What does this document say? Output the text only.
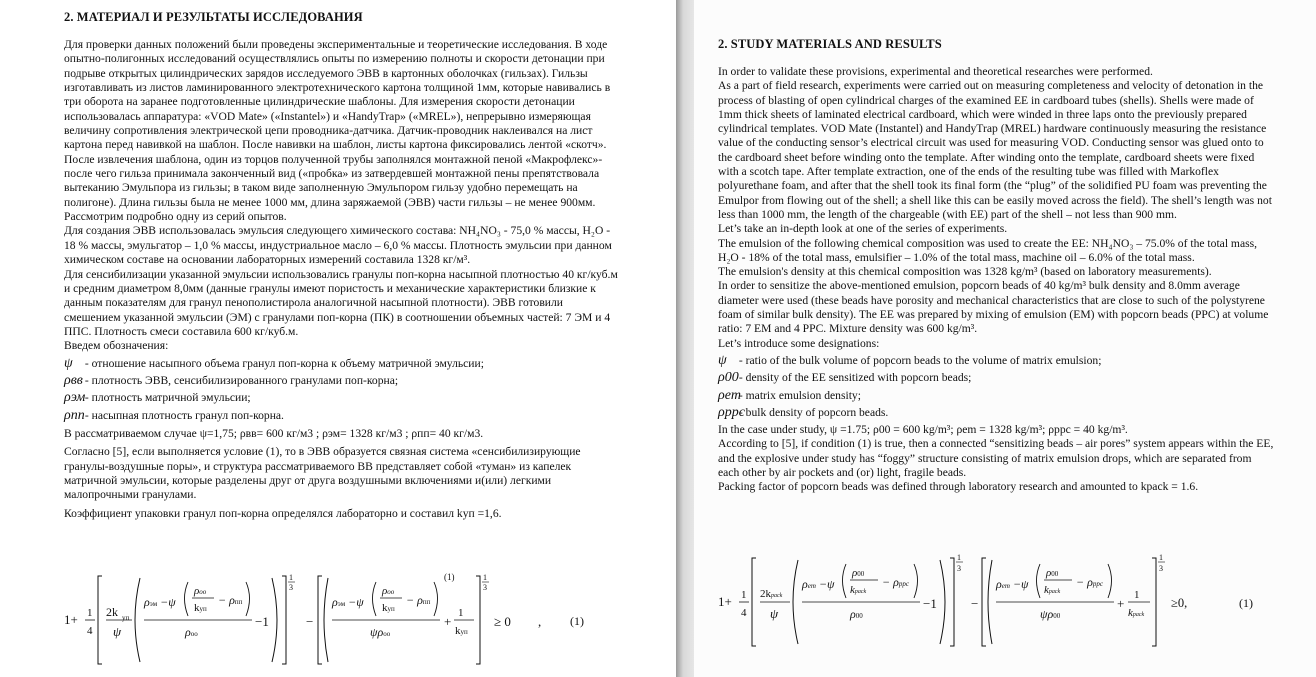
2. МАТЕРИАЛ И РЕЗУЛЬТАТЫ ИССЛЕДОВАНИЯ

Для проверки данных положений были проведены экспериментальные и теоретические исследования. В ходе опытно-полигонных исследований осуществлялись опыты по измерению полноты и скорости детонации при подрыве открытых цилиндрических зарядов исследуемого ЭВВ в картонных оболочках (гильзах). Гильзы изготавливать из листов ламинированного электротехнического картона толщиной 1мм, которые навивались в три оборота на заранее подготовленные цилиндрические шаблоны. Для измерения скорости детонации использовалась аппаратура: «VOD Mate» («Instantel») и «HandyTrap» («MREL»), непрерывно измеряющая величину сопротивления электрической цепи проводника-датчика. Датчик-проводник наклеивался на лист картона перед навивкой на шаблон. После навивки на шаблон, листы картона фиксировались лентой «скотч». После извлечения шаблона, один из торцов полученной трубы заполнялся монтажной пеной «Макрофлекс»- после чего гильза принимала законченный вид («пробка» из затвердевшей монтажной пены препятствовала вытеканию Эмульпора из гильзы; в таком виде заполненную Эмульпором гильзу удобно перемещать на полигоне). Длина гильзы была не менее 1000 мм, длина заряжаемой (ЭВВ) части гильзы – не менее 900мм.

Рассмотрим подробно одну из серий опытов.

Для создания ЭВВ использовалась эмульсия следующего химического состава: NH₄NO₃ - 75,0 % массы, H₂O - 18 % массы, эмульгатор – 1,0 % массы, индустриальное масло – 6,0 % массы. Плотность эмульсии при данном химическом составе на основании лабораторных измерений составила 1328 кг/м³.

Для сенсибилизации указанной эмульсии использовались гранулы поп-корна насыпной плотностью 40 кг/куб.м и средним диаметром 8,0мм (данные гранулы имеют пористость и механические характеристики близкие к данным показателям для гранул пенополистирола аналогичной насыпной плотности). ЭВВ готовили смешением указанной эмульсии (ЭМ) с гранулами поп-корна (ПК) в соотношении объемных частей: 7 ЭМ и 4 ППС. Плотность смеси составила 600 кг/куб.м.

Введем обозначения:

ψ - отношение насыпного объема гранул поп-корна к объему матричной эмульсии;

ρвв - плотность ЭВВ, сенсибилизированного гранулами поп-корна;

ρэм - плотность матричной эмульсии;

ρпп - насыпная плотность гранул поп-корна.

В рассматриваемом случае ψ=1,75; ρвв= 600 кг/м3 ; ρэм= 1328 кг/м3 ; ρпп= 40 кг/м3.

Согласно [5], если выполняется условие (1), то в ЭВВ образуется связная система «сенсибилизирующие гранулы-воздушные поры», и структура рассматриваемого ВВ представляет собой «туман» из капелек матричной эмульсии, которые разделены друг от друга воздушными включениями и(или) легкими малопрочными гранулами.

Коэффициент упаковки гранул поп-корна определялся лабораторно и составил kуп =1,6.

1+ 1
4
2k уп
ψ
ρэм −ψ
ρоо
kуп
− ρпп
ρоо
−1
1
3
−
ρэм −ψ
ρоо
kуп
− ρпп
ψρоо
(1)
+
1
kуп
1
3
≥ 0 , (1)
2. STUDY MATERIALS AND RESULTS

In order to validate these provisions, experimental and theoretical researches were performed.

As a part of field research, experiments were carried out on measuring completeness and velocity of detonation in the process of blasting of open cylindrical charges of the examined EE in cardboard tubes (shells). Shells were made of 1mm thick sheets of laminated electrical cardboard, which were winded in three laps onto the previously prepared cylindrical templates. VOD Mate (Instantel) and HandyTrap (MREL) hardware continuously measuring the resistance value of the conducting sensor’s electrical circuit was used for measuring VOD. Conducting sensor was glued onto to the cardboard sheet before winding onto the template. After winding onto the template, cardboard sheets were fixed with a scotch tape. After template extraction, one of the ends of the resulting tube was filled with Markoflex polyurethane foam, and after that the shell took its final form (the “plug” of the solidified PU foam was preventing the Emulpor from flowing out of the shell; a shell like this can be easily moved across the field). The shell’s length was not less than 1000 mm, the length of the chargeable (with EE) part of the shell – not less than 900 mm.

Let’s take an in-depth look at one of the series of experiments.

The emulsion of the following chemical composition was used to create the EE: NH₄NO₃ – 75.0% of the total mass, H₂O - 18% of the total mass, emulsifier – 1.0% of the total mass, machine oil – 6.0% of the total mass.

The emulsion's density at this chemical composition was 1328 kg/m³ (based on laboratory measurements).

In order to sensitize the above-mentioned emulsion, popcorn beads of 40 kg/m³ bulk density and 8.0mm average diameter were used (these beads have porosity and mechanical characteristics that are close to such of the polystyrene foam of similar bulk density). The EE was prepared by mixing of emulsion (EM) with popcorn beads (PPC) at volume ratio: 7 EM and 4 PPC. Mixture density was 600 kg/m³.

Let’s introduce some designations:

ψ - ratio of the bulk volume of popcorn beads to the volume of matrix emulsion;

ρ00 - density of the EE sensitized with popcorn beads;

ρem - matrix emulsion density;

ρppc - bulk density of popcorn beads.

In the case under study, ψ =1.75; ρ00 = 600 kg/m³; ρem = 1328 kg/m³; ρppc = 40 kg/m³.

According to [5], if condition (1) is true, then a connected “sensitizing beads – air pores” system appears within the EE, and the explosive under study has “foggy” structure consisting of matrix emulsion drops, which are separated from each other by air pockets and (or) light, fragile beads.

Packing factor of popcorn beads was defined through laboratory research and amounted to kpack = 1.6.

1+ 1
4
2kpack
ψ
ρem −ψ
ρ00
kpack
− ρppc
ρ00
−1
1
3
−
ρem −ψ
ρ00
kpack
− ρppc
ψρ00
+
1
kpack
1
3
≥0,	(1)
